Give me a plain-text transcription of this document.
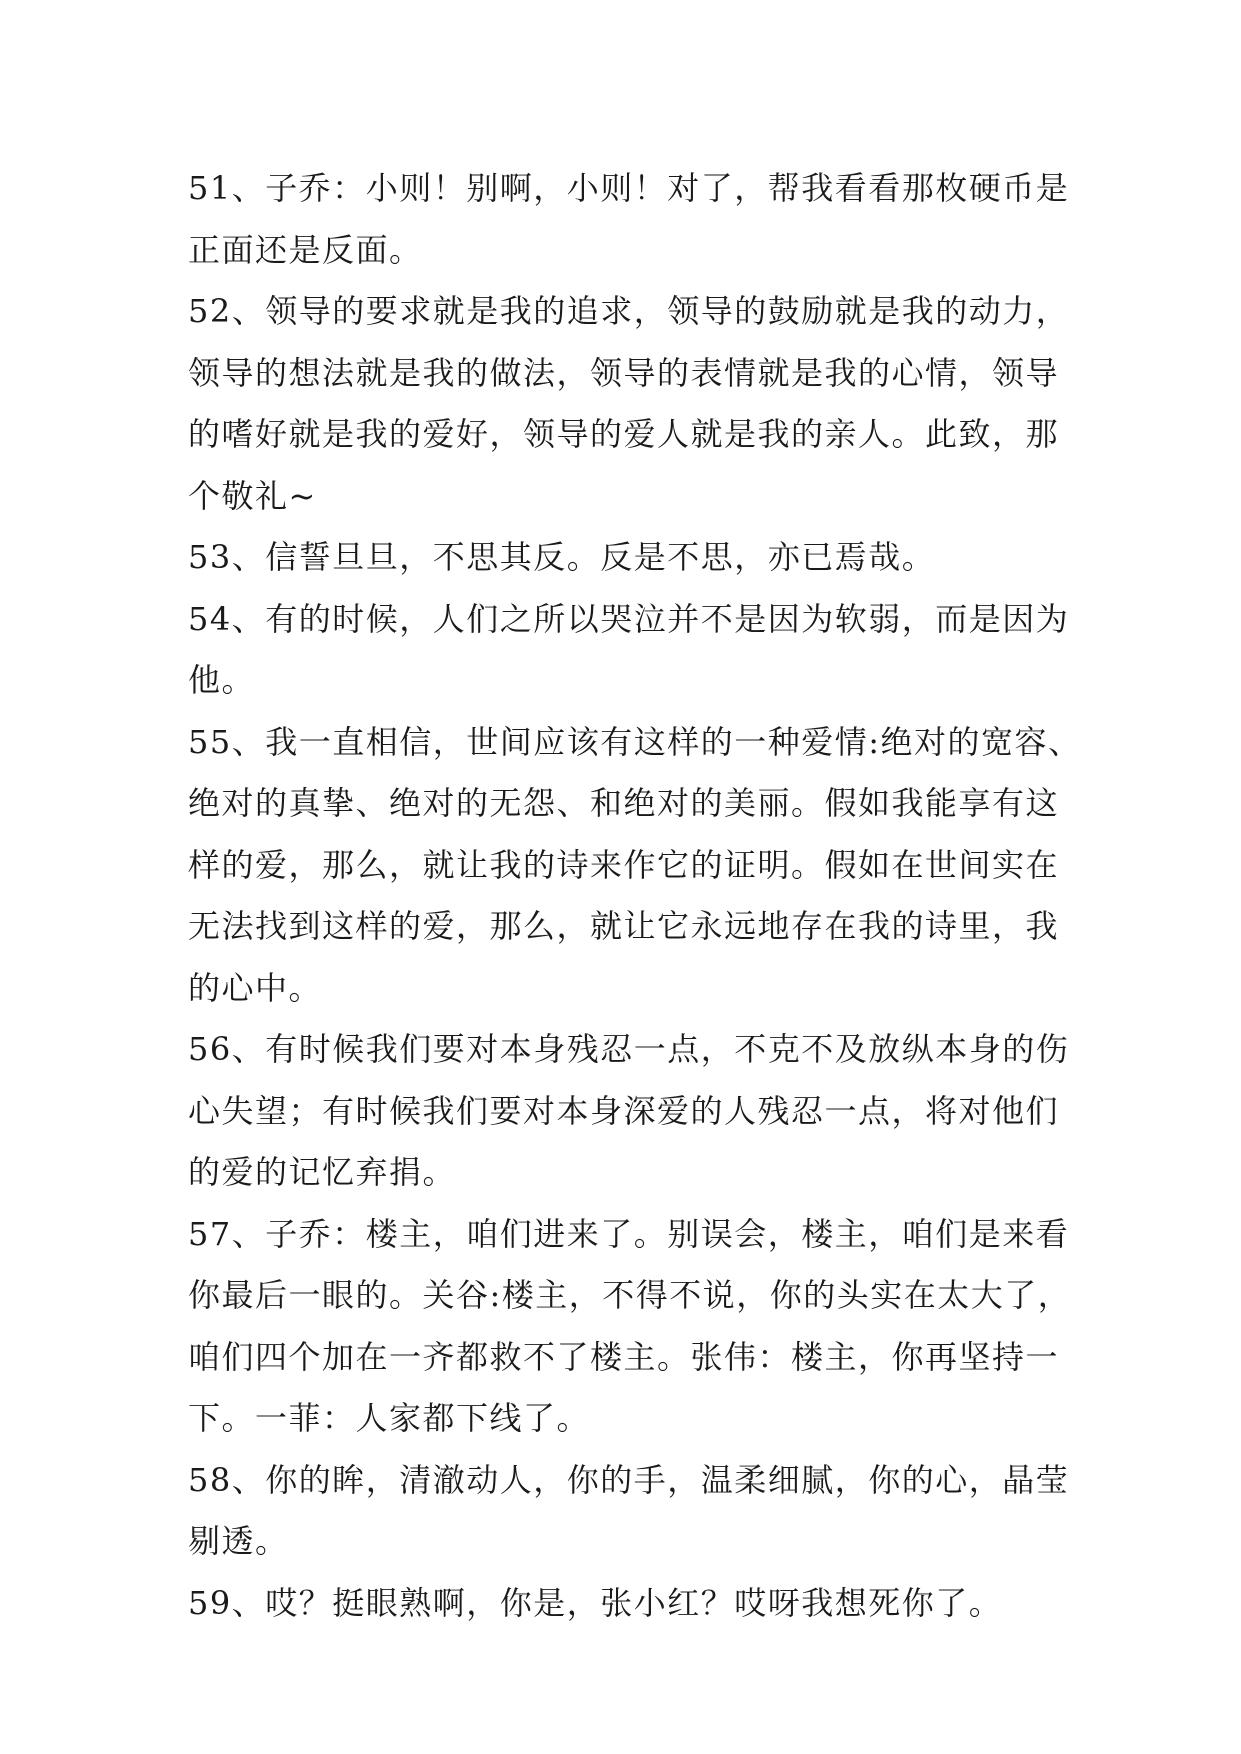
51、子乔：小则！别啊，小则！对了，帮我看看那枚硬币是
正面还是反面。
52、领导的要求就是我的追求，领导的鼓励就是我的动力，
领导的想法就是我的做法，领导的表情就是我的心情，领导
的嗜好就是我的爱好，领导的爱人就是我的亲人。此致，那
个敬礼~
53、信誓旦旦，不思其反。反是不思，亦已焉哉。
54、有的时候，人们之所以哭泣并不是因为软弱，而是因为
他。
55、我一直相信，世间应该有这样的一种爱情:绝对的宽容、
绝对的真挚、绝对的无怨、和绝对的美丽。假如我能享有这
样的爱，那么，就让我的诗来作它的证明。假如在世间实在
无法找到这样的爱，那么，就让它永远地存在我的诗里，我
的心中。
56、有时候我们要对本身残忍一点，不克不及放纵本身的伤
心失望；有时候我们要对本身深爱的人残忍一点，将对他们
的爱的记忆弃捐。
57、子乔：楼主，咱们进来了。别误会，楼主，咱们是来看
你最后一眼的。关谷:楼主，不得不说，你的头实在太大了，
咱们四个加在一齐都救不了楼主。张伟：楼主，你再坚持一
下。一菲：人家都下线了。
58、你的眸，清澈动人，你的手，温柔细腻，你的心，晶莹
剔透。
59、哎？挺眼熟啊，你是，张小红？哎呀我想死你了。
